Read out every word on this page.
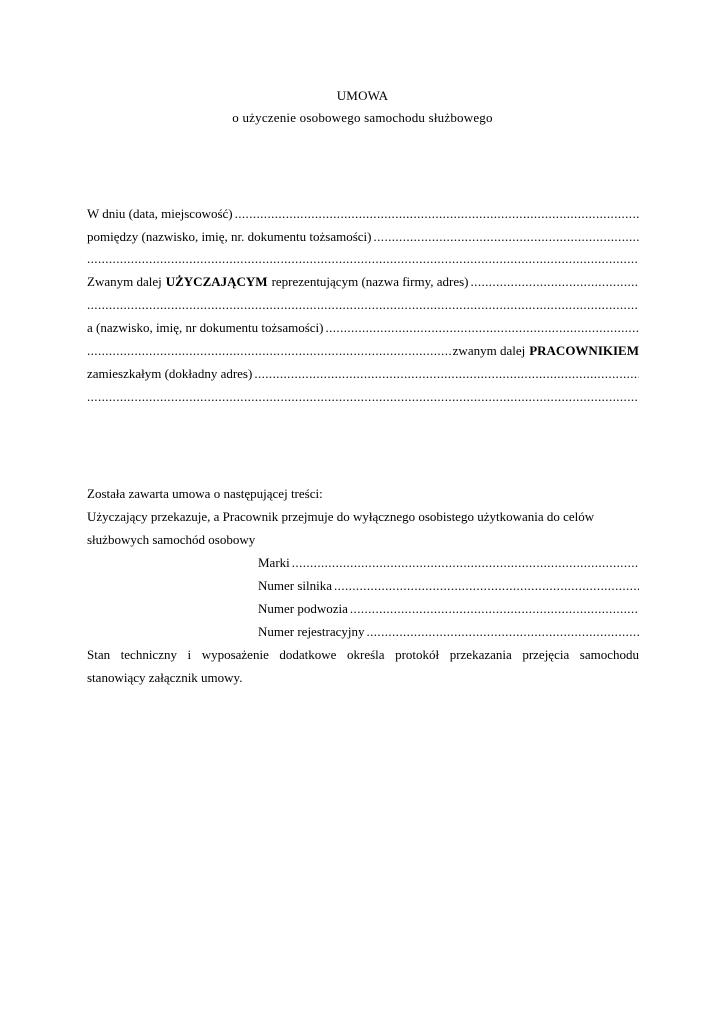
UMOWA
o użyczenie osobowego samochodu służbowego
W dniu (data, miejscowość)
.....
pomiędzy (nazwisko, imię, nr. dokumentu tożsamości)
.....
.....
Zwanym dalej UŻYCZAJĄCYM reprezentującym (nazwa firmy, adres)
.....
.....
a (nazwisko, imię, nr dokumentu tożsamości)
.....
.....
zwanym dalej PRACOWNIKIEM
zamieszkałym (dokładny adres)
.....
.....
Została zawarta umowa o następującej treści:
Użyczający przekazuje, a Pracownik przejmuje do wyłącznego osobistego użytkowania do celów
służbowych samochód osobowy
Marki
.....
Numer silnika
.....
Numer podwozia
.....
Numer rejestracyjny
.....
Stan techniczny i wyposażenie dodatkowe określa protokół przekazania przejęcia samochodu
stanowiący załącznik umowy.
